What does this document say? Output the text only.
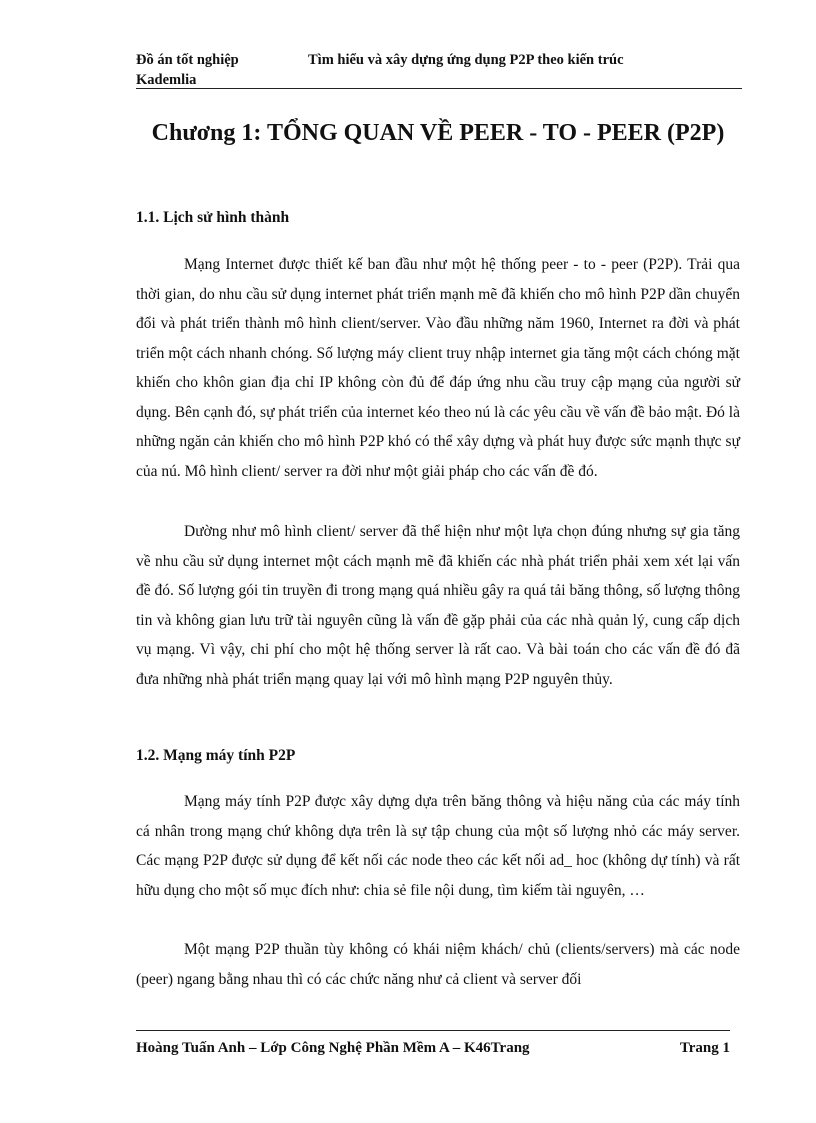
Đồ án tốt nghiệp	Tìm hiểu và xây dựng ứng dụng P2P theo kiến trúc
Kademlia
Chương 1: TỔNG QUAN VỀ PEER - TO - PEER (P2P)
1.1. Lịch sử hình thành

Mạng Internet được thiết kế ban đầu như một hệ thống peer - to - peer (P2P). Trải qua thời gian, do nhu cầu sử dụng internet phát triển mạnh mẽ đã khiến cho mô hình P2P dần chuyển đổi và phát triển thành mô hình client/server. Vào đầu những năm 1960, Internet ra đời và phát triển một cách nhanh chóng. Số lượng máy client truy nhập internet gia tăng một cách chóng mặt khiến cho khôn gian địa chỉ IP không còn đủ để đáp ứng nhu cầu truy cập mạng của người sử dụng. Bên cạnh đó, sự phát triển của internet kéo theo nú là các yêu cầu về vấn đề bảo mật. Đó là những ngăn cản khiến cho mô hình P2P khó có thể xây dựng và phát huy được sức mạnh thực sự của nú. Mô hình client/ server ra đời như một giải pháp cho các vấn đề đó.

Dường như mô hình client/ server đã thể hiện như một lựa chọn đúng nhưng sự gia tăng về nhu cầu sử dụng internet một cách mạnh mẽ đã khiến các nhà phát triển phải xem xét lại vấn đề đó. Số lượng gói tin truyền đi trong mạng quá nhiều gây ra quá tải băng thông, số lượng thông tin và không gian lưu trữ tài nguyên cũng là vấn đề gặp phải của các nhà quản lý, cung cấp dịch vụ mạng. Vì vậy, chi phí cho một hệ thống server là rất cao. Và bài toán cho các vấn đề đó đã đưa những nhà phát triển mạng quay lại với mô hình mạng P2P nguyên thủy.

1.2. Mạng máy tính P2P

Mạng máy tính P2P được xây dựng dựa trên băng thông và hiệu năng của các máy tính cá nhân trong mạng chứ không dựa trên là sự tập chung của một số lượng nhỏ các máy server. Các mạng P2P được sử dụng để kết nối các node theo các kết nối ad_ hoc (không dự tính) và rất hữu dụng cho một số mục đích như: chia sẻ file nội dung, tìm kiếm tài nguyên, …

Một mạng P2P thuần tùy không có khái niệm khách/ chủ (clients/servers) mà các node (peer) ngang bằng nhau thì có các chức năng như cả client và server đối

Hoàng Tuấn Anh – Lớp Công Nghệ Phần Mềm A – K46Trang	Trang 1
